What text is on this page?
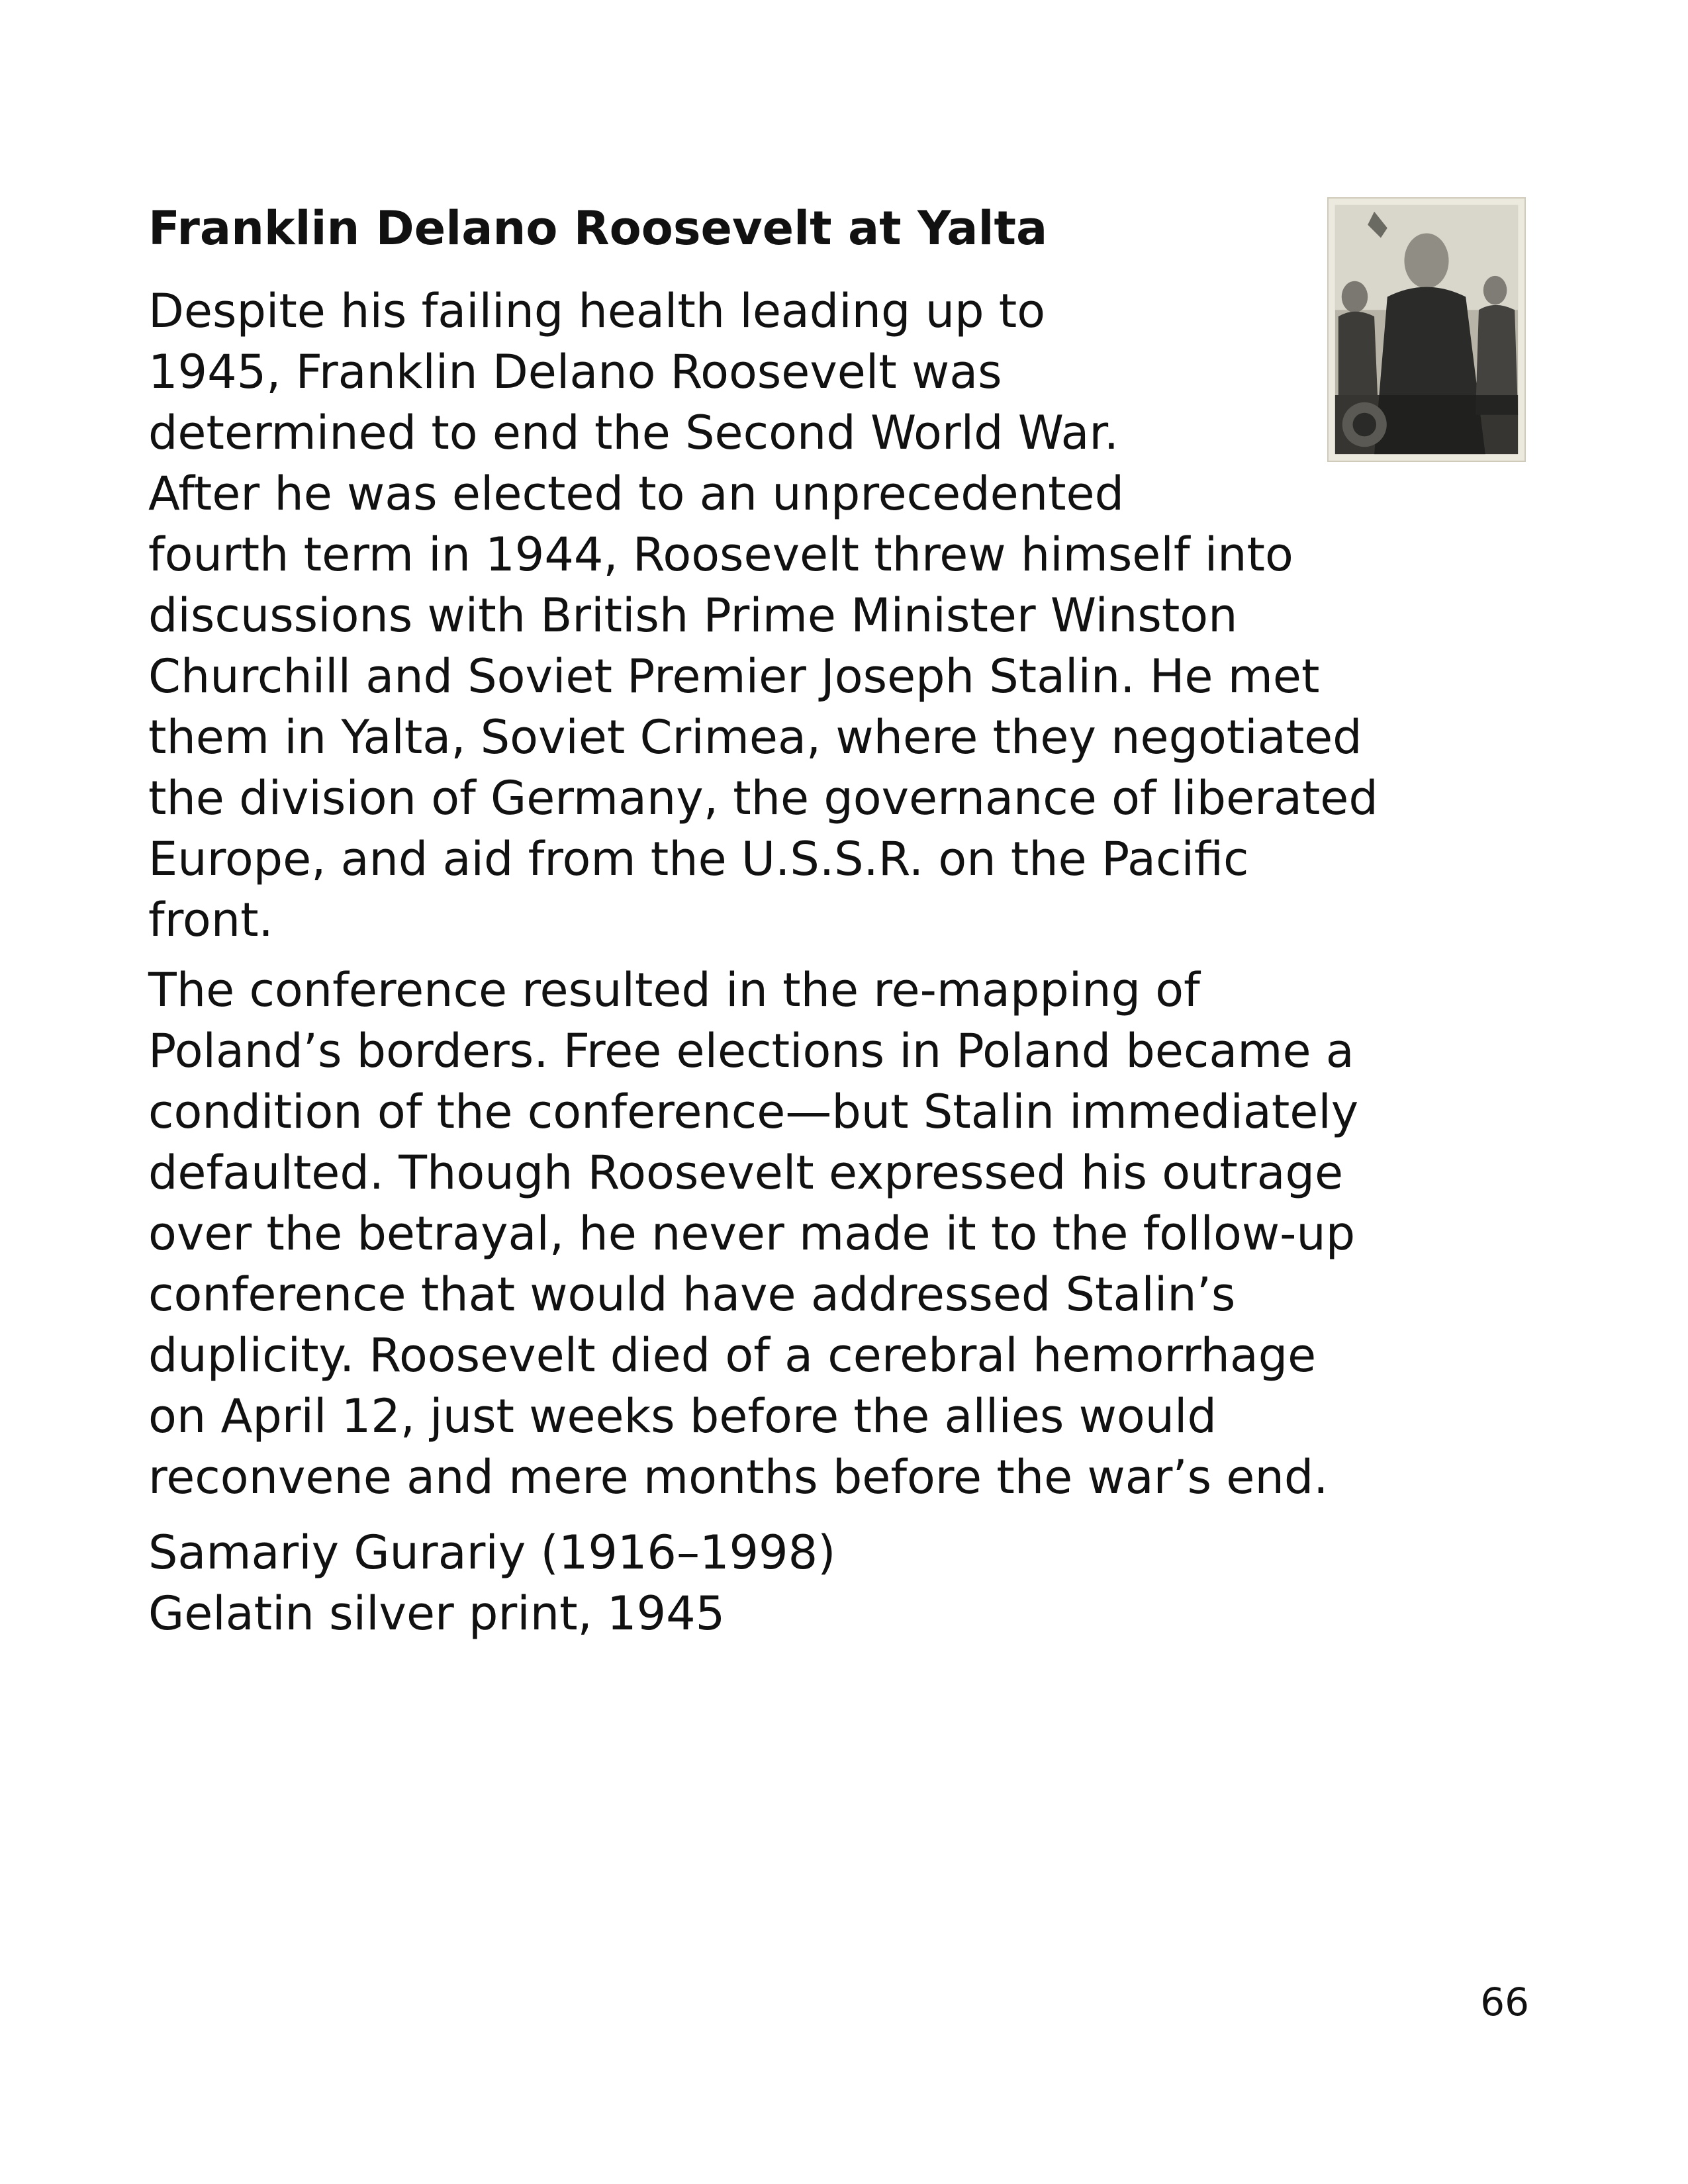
Franklin Delano Roosevelt at Yalta
Despite his failing health leading up to
1945, Franklin Delano Roosevelt was
determined to end the Second World War.
After he was elected to an unprecedented
fourth term in 1944, Roosevelt threw himself into
discussions with British Prime Minister Winston
Churchill and Soviet Premier Joseph Stalin. He met
them in Yalta, Soviet Crimea, where they negotiated
the division of Germany, the governance of liberated
Europe, and aid from the U.S.S.R. on the Pacific
front.
The conference resulted in the re-mapping of
Poland’s borders. Free elections in Poland became a
condition of the conference—but Stalin immediately
defaulted. Though Roosevelt expressed his outrage
over the betrayal, he never made it to the follow-up
conference that would have addressed Stalin’s
duplicity. Roosevelt died of a cerebral hemorrhage
on April 12, just weeks before the allies would
reconvene and mere months before the war’s end.
Samariy Gurariy (1916–1998)
Gelatin silver print, 1945
66
